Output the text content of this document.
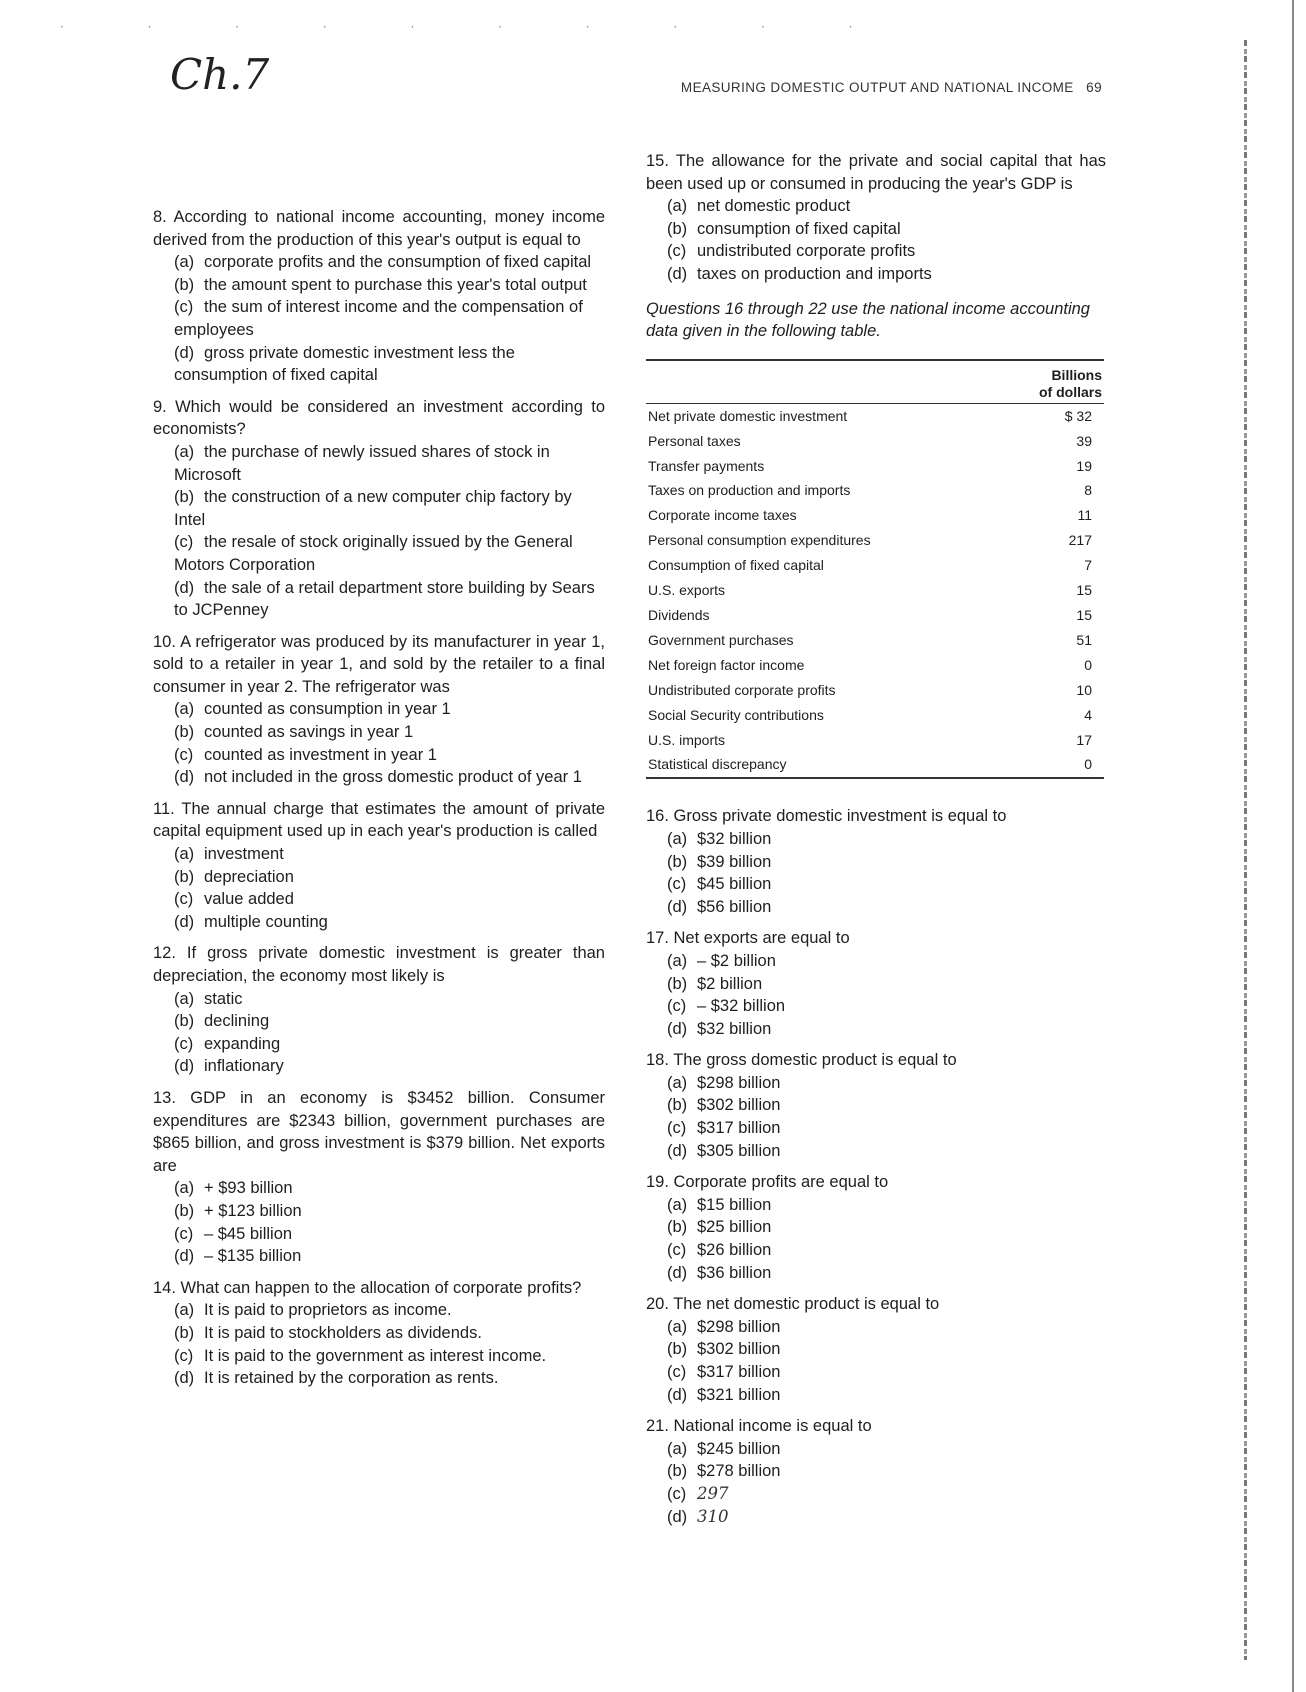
· · · · · · · · · ·
Ch.7	MEASURING DOMESTIC OUTPUT AND NATIONAL INCOME 69
8. According to national income accounting, money income derived from the production of this year's output is equal to
(a) corporate profits and the consumption of fixed capital
(b) the amount spent to purchase this year's total output
(c) the sum of interest income and the compensation of employees
(d) gross private domestic investment less the consumption of fixed capital
9. Which would be considered an investment according to economists?
(a) the purchase of newly issued shares of stock in Microsoft
(b) the construction of a new computer chip factory by Intel
(c) the resale of stock originally issued by the General Motors Corporation
(d) the sale of a retail department store building by Sears to JCPenney
10. A refrigerator was produced by its manufacturer in year 1, sold to a retailer in year 1, and sold by the retailer to a final consumer in year 2. The refrigerator was
(a) counted as consumption in year 1
(b) counted as savings in year 1
(c) counted as investment in year 1
(d) not included in the gross domestic product of year 1
11. The annual charge that estimates the amount of private capital equipment used up in each year's production is called
(a) investment
(b) depreciation
(c) value added
(d) multiple counting
12. If gross private domestic investment is greater than depreciation, the economy most likely is
(a) static
(b) declining
(c) expanding
(d) inflationary
13. GDP in an economy is $3452 billion. Consumer expenditures are $2343 billion, government purchases are $865 billion, and gross investment is $379 billion. Net exports are
(a) + $93 billion
(b) + $123 billion
(c) – $45 billion
(d) – $135 billion
14. What can happen to the allocation of corporate profits?
(a) It is paid to proprietors as income.
(b) It is paid to stockholders as dividends.
(c) It is paid to the government as interest income.
(d) It is retained by the corporation as rents.
15. The allowance for the private and social capital that has been used up or consumed in producing the year's GDP is
(a) net domestic product
(b) consumption of fixed capital
(c) undistributed corporate profits
(d) taxes on production and imports
Questions 16 through 22 use the national income accounting data given in the following table.
	Billions
of dollars
Net private domestic investment	$ 32
Personal taxes	39
Transfer payments	19
Taxes on production and imports	8
Corporate income taxes	11
Personal consumption expenditures	217
Consumption of fixed capital	7
U.S. exports	15
Dividends	15
Government purchases	51
Net foreign factor income	0
Undistributed corporate profits	10
Social Security contributions	4
U.S. imports	17
Statistical discrepancy	0
16. Gross private domestic investment is equal to
(a) $32 billion
(b) $39 billion
(c) $45 billion
(d) $56 billion
17. Net exports are equal to
(a) – $2 billion
(b) $2 billion
(c) – $32 billion
(d) $32 billion
18. The gross domestic product is equal to
(a) $298 billion
(b) $302 billion
(c) $317 billion
(d) $305 billion
19. Corporate profits are equal to
(a) $15 billion
(b) $25 billion
(c) $26 billion
(d) $36 billion
20. The net domestic product is equal to
(a) $298 billion
(b) $302 billion
(c) $317 billion
(d) $321 billion
21. National income is equal to
(a) $245 billion
(b) $278 billion
(c) 297
(d) 310
